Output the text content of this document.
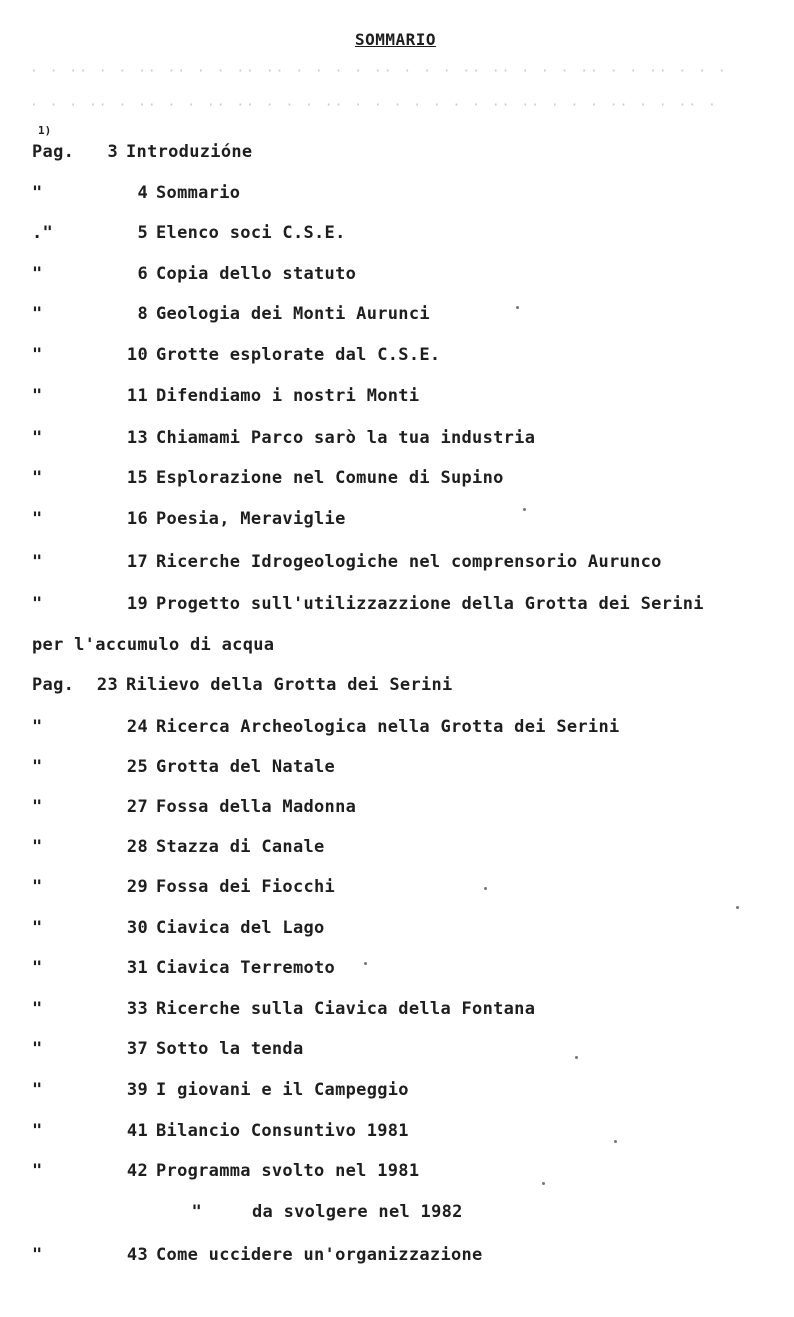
SOMMARIO
· · ·· · · ·· ·· · · ·· ·· · · · · ·· · · · ·· ·· · · · ·· · · ·· · · ·
· · · ·· · ·· · · ·· ·· · · · ·· · · · · · · · ·· ·· · · · ·· · · ·· ·
1)
Pag. 3 Introduzióne
"	4 Sommario
."	5 Elenco soci C.S.E.
"	6 Copia dello statuto
"	8 Geologia dei Monti Aurunci
"	10 Grotte esplorate dal C.S.E.
"	11 Difendiamo i nostri Monti
"	13 Chiamami Parco sarò la tua industria
"	15 Esplorazione nel Comune di Supino
"	16 Poesia, Meraviglie
"	17 Ricerche Idrogeologiche nel comprensorio Aurunco
"	19 Progetto sull'utilizzazzione della Grotta dei Serini
per l'accumulo di acqua
Pag. 23 Rilievo della Grotta dei Serini
"	24 Ricerca Archeologica nella Grotta dei Serini
"	25 Grotta del Natale
"	27 Fossa della Madonna
"	28 Stazza di Canale
"	29 Fossa dei Fiocchi
"	30 Ciavica del Lago
"	31 Ciavica Terremoto
"	33 Ricerche sulla Ciavica della Fontana
"	37 Sotto la tenda
"	39 I giovani e il Campeggio
"	41 Bilancio Consuntivo 1981
"	42 Programma svolto nel 1981
"	da svolgere nel 1982
"	43 Come uccidere un'organizzazione
